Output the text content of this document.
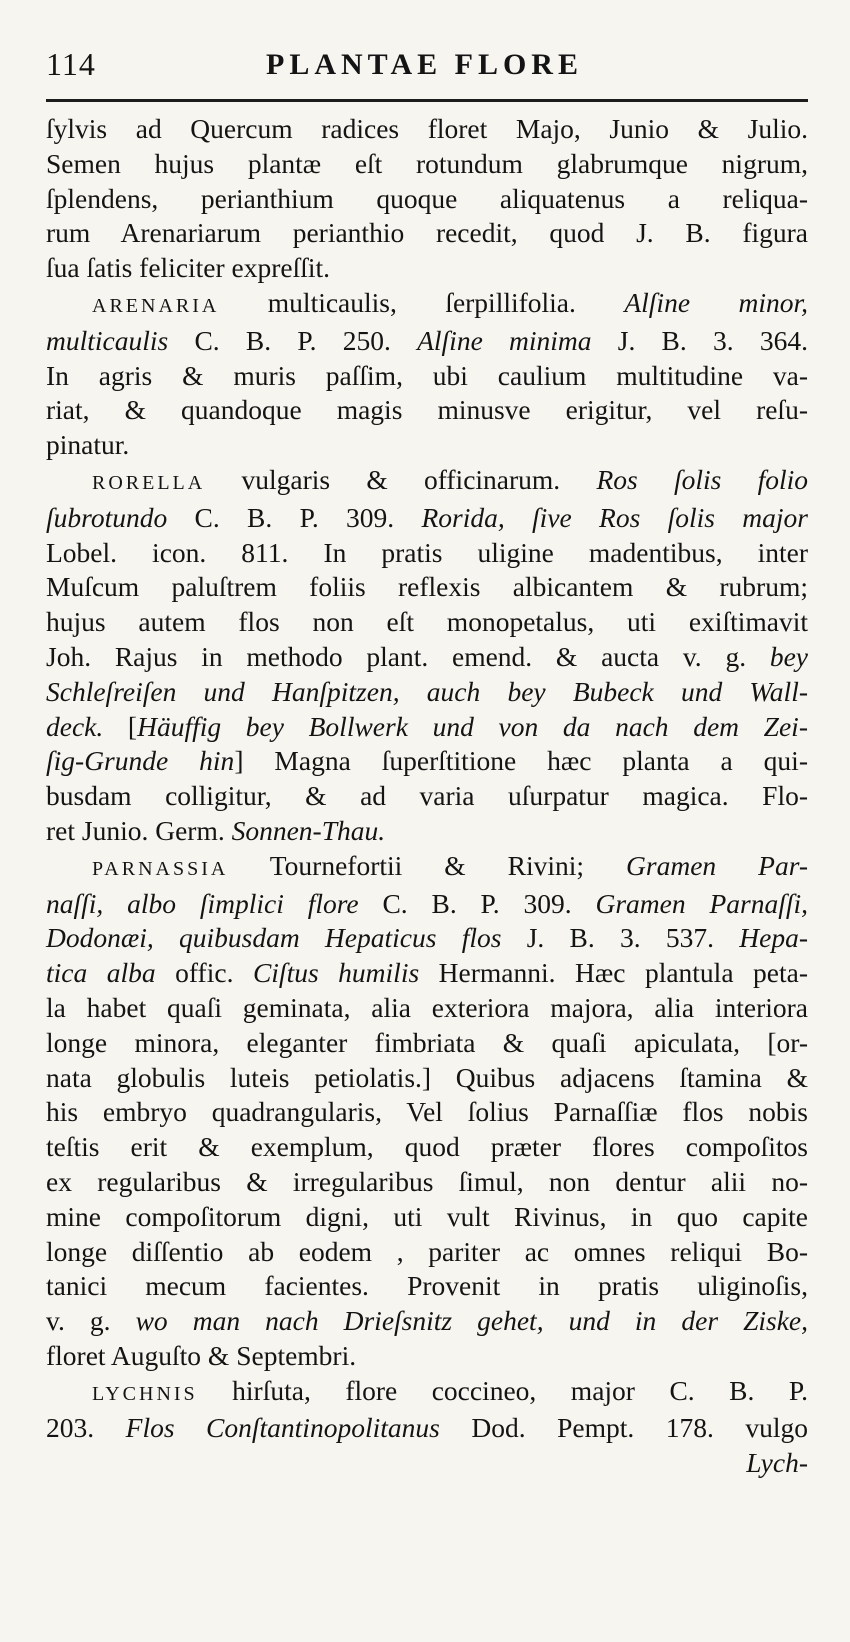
114	PLANTAE FLORE
ſylvis ad Quercum radices floret Majo, Junio & Julio.
Semen hujus plantæ eſt rotundum glabrumque nigrum,
ſplendens, perianthium quoque aliquatenus a reliqua-
rum Arenariarum perianthio recedit, quod J. B. figura
ſua ſatis feliciter expreſſit.
ARENARIA multicaulis, ſerpillifolia. Alſine minor,
multicaulis C. B. P. 250. Alſine minima J. B. 3. 364.
In agris & muris paſſim, ubi caulium multitudine va-
riat, & quandoque magis minusve erigitur, vel reſu-
pinatur.
RORELLA vulgaris & officinarum. Ros ſolis folio
ſubrotundo C. B. P. 309. Rorida, ſive Ros ſolis major
Lobel. icon. 811. In pratis uligine madentibus, inter
Muſcum paluſtrem foliis reflexis albicantem & rubrum;
hujus autem flos non eſt monopetalus, uti exiſtimavit
Joh. Rajus in methodo plant. emend. & aucta v. g. bey
Schleſreiſen und Hanſpitzen, auch bey Bubeck und Wall-
deck. [Häuffig bey Bollwerk und von da nach dem Zei-
ſig-Grunde hin] Magna ſuperſtitione hæc planta a qui-
busdam colligitur, & ad varia uſurpatur magica. Flo-
ret Junio. Germ. Sonnen-Thau.
PARNASSIA Tournefortii & Rivini; Gramen Par-
naſſi, albo ſimplici flore C. B. P. 309. Gramen Parnaſſi,
Dodonæi, quibusdam Hepaticus flos J. B. 3. 537. Hepa-
tica alba offic. Ciſtus humilis Hermanni. Hæc plantula peta-
la habet quaſi geminata, alia exteriora majora, alia interiora
longe minora, eleganter fimbriata & quaſi apiculata, [or-
nata globulis luteis petiolatis.] Quibus adjacens ſtamina &
his embryo quadrangularis, Vel ſolius Parnaſſiæ flos nobis
teſtis erit & exemplum, quod præter flores compoſitos
ex regularibus & irregularibus ſimul, non dentur alii no-
mine compoſitorum digni, uti vult Rivinus, in quo capite
longe diſſentio ab eodem , pariter ac omnes reliqui Bo-
tanici mecum facientes. Provenit in pratis uliginoſis,
v. g. wo man nach Drieſsnitz gehet, und in der Ziske,
floret Auguſto & Septembri.
LYCHNIS hirſuta, flore coccineo, major C. B. P.
203. Flos Conſtantinopolitanus Dod. Pempt. 178. vulgo
Lych-
